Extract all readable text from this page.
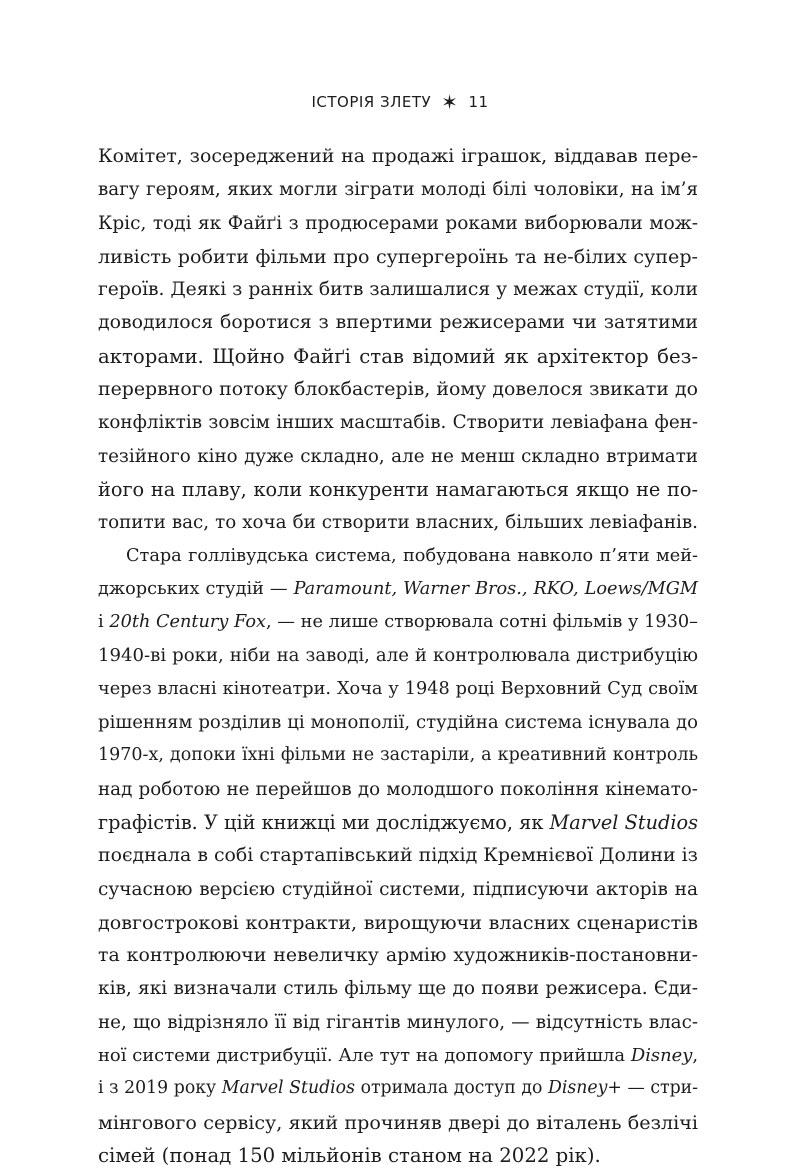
ІСТОРІЯ ЗЛЕТУ ✶ 11
Комітет, зосереджений на продажі іграшок, віддавав пере-
вагу героям, яких могли зіграти молоді білі чоловіки, на ім’я
Кріс, тоді як Файґі з продюсерами роками виборювали мож-
ливість робити фільми про супергероїнь та не-білих супер-
героїв. Деякі з ранніх битв залишалися у межах студії, коли
доводилося боротися з впертими режисерами чи затятими
акторами. Щойно Файґі став відомий як архітектор без-
перервного потоку блокбастерів, йому довелося звикати до
конфліктів зовсім інших масштабів. Створити левіафана фен-
тезійного кіно дуже складно, але не менш складно втримати
його на плаву, коли конкуренти намагаються якщо не по-
топити вас, то хоча би створити власних, більших левіафанів.
Стара голлівудська система, побудована навколо п’яти мей-
джорських студій — Paramount, Warner Bros., RKO, Loews/MGM
і 20th Century Fox, — не лише створювала сотні фільмів у 1930–
1940-ві роки, ніби на заводі, але й контролювала дистрибуцію
через власні кінотеатри. Хоча у 1948 році Верховний Суд своїм
рішенням розділив ці монополії, студійна система існувала до
1970-х, допоки їхні фільми не застаріли, а креативний контроль
над роботою не перейшов до молодшого покоління кінемато-
графістів. У цій книжці ми досліджуємо, як Marvel Studios
поєднала в собі стартапівський підхід Кремнієвої Долини із
сучасною версією студійної системи, підписуючи акторів на
довгострокові контракти, вирощуючи власних сценаристів
та контролюючи невеличку армію художників-постановни-
ків, які визначали стиль фільму ще до появи режисера. Єди-
не, що відрізняло її від гігантів минулого, — відсутність влас-
ної системи дистрибуції. Але тут на допомогу прийшла Disney,
і з 2019 року Marvel Studios отримала доступ до Disney+ — стри-
мінгового сервісу, який прочиняв двері до віталень безлічі
сімей (понад 150 мільйонів станом на 2022 рік).
